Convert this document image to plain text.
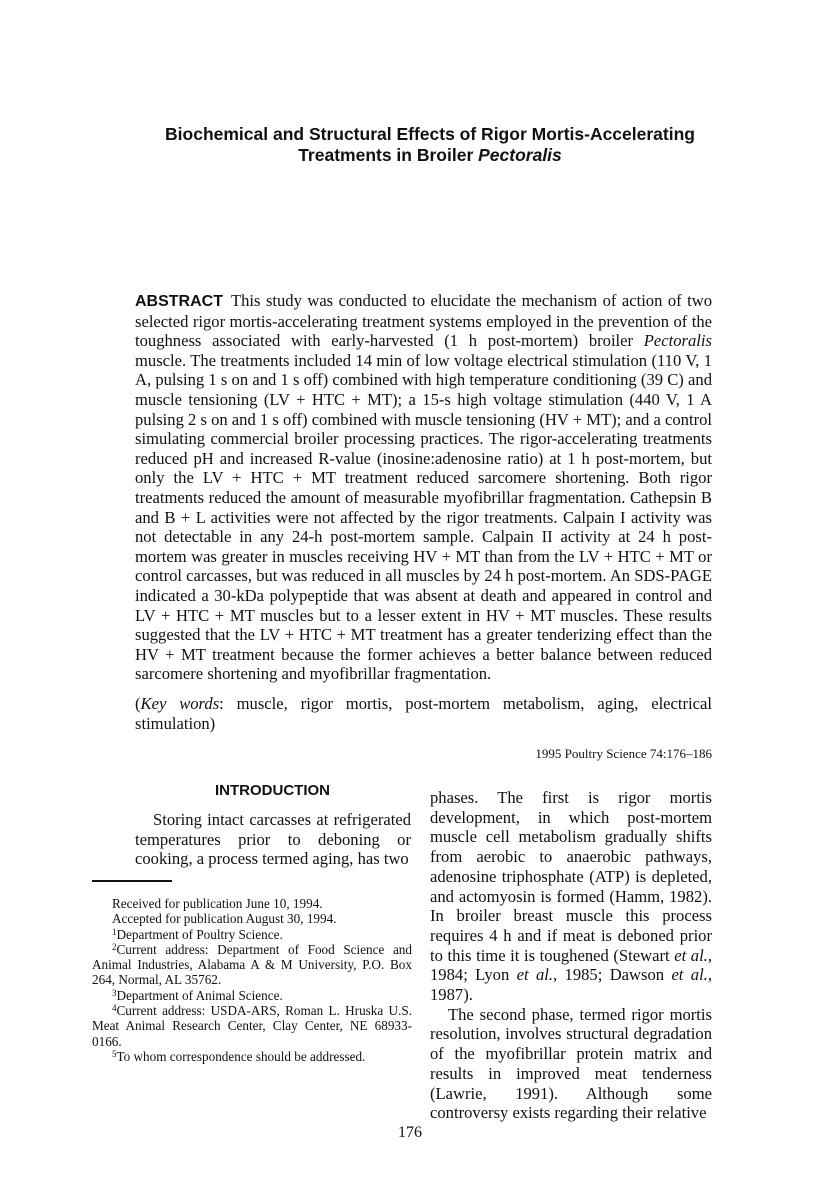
Biochemical and Structural Effects of Rigor Mortis-Accelerating
Treatments in Broiler Pectoralis
ABSTRACT This study was conducted to elucidate the mechanism of action of two selected rigor mortis-accelerating treatment systems employed in the prevention of the toughness associated with early-harvested (1 h post-mortem) broiler Pectoralis muscle. The treatments included 14 min of low voltage electrical stimulation (110 V, 1 A, pulsing 1 s on and 1 s off) combined with high temperature conditioning (39 C) and muscle tensioning (LV + HTC + MT); a 15-s high voltage stimulation (440 V, 1 A pulsing 2 s on and 1 s off) combined with muscle tensioning (HV + MT); and a control simulating commercial broiler processing practices. The rigor-accelerating treatments reduced pH and increased R-value (inosine:adenosine ratio) at 1 h post-mortem, but only the LV + HTC + MT treatment reduced sarcomere shortening. Both rigor treatments reduced the amount of measurable myofibrillar fragmentation. Cathepsin B and B + L activities were not affected by the rigor treatments. Calpain I activity was not detectable in any 24-h post-mortem sample. Calpain II activity at 24 h post-mortem was greater in muscles receiving HV + MT than from the LV + HTC + MT or control carcasses, but was reduced in all muscles by 24 h post-mortem. An SDS-PAGE indicated a 30-kDa polypeptide that was absent at death and appeared in control and LV + HTC + MT muscles but to a lesser extent in HV + MT muscles. These results suggested that the LV + HTC + MT treatment has a greater tenderizing effect than the HV + MT treatment because the former achieves a better balance between reduced sarcomere shortening and myofibrillar fragmentation.
(Key words: muscle, rigor mortis, post-mortem metabolism, aging, electrical stimulation)
1995 Poultry Science 74:176–186
INTRODUCTION

Storing intact carcasses at refrigerated temperatures prior to deboning or cooking, a process termed aging, has two

Received for publication June 10, 1994.

Accepted for publication August 30, 1994.

$^1$Department of Poultry Science.

$^2$Current address: Department of Food Science and Animal Industries, Alabama A & M University, P.O. Box 264, Normal, AL 35762.

$^3$Department of Animal Science.

$^4$Current address: USDA-ARS, Roman L. Hruska U.S. Meat Animal Research Center, Clay Center, NE 68933-0166.

$^5$To whom correspondence should be addressed.

phases. The first is rigor mortis development, in which post-mortem muscle cell metabolism gradually shifts from aerobic to anaerobic pathways, adenosine triphosphate (ATP) is depleted, and actomyosin is formed (Hamm, 1982). In broiler breast muscle this process requires 4 h and if meat is deboned prior to this time it is toughened (Stewart et al., 1984; Lyon et al., 1985; Dawson et al., 1987).

The second phase, termed rigor mortis resolution, involves structural degradation of the myofibrillar protein matrix and results in improved meat tenderness (Lawrie, 1991). Although some controversy exists regarding their relative

176
